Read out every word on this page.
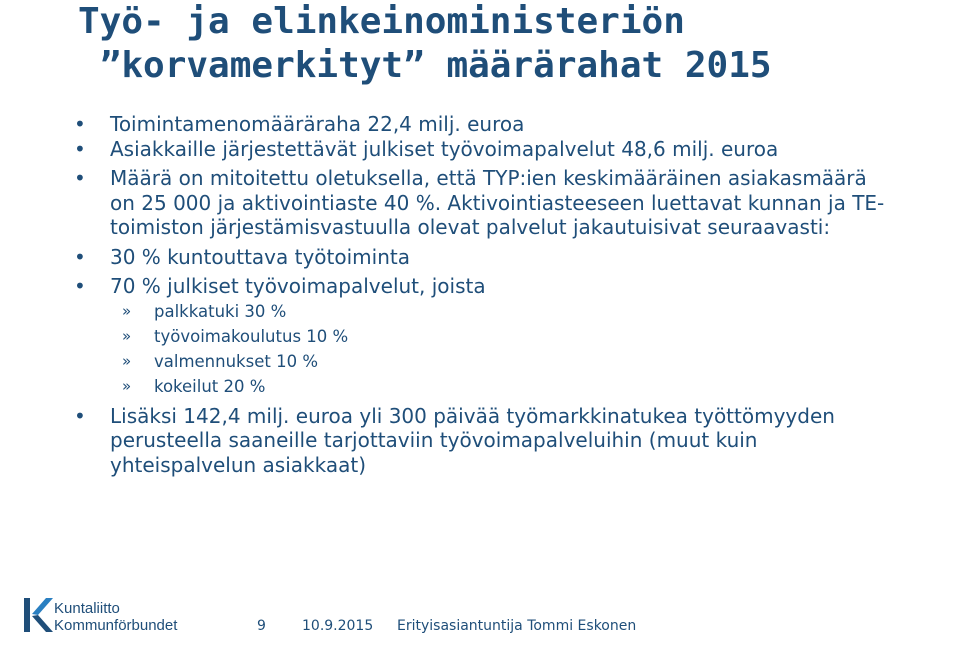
Työ- ja elinkeinoministeriön
”korvamerkityt” määrärahat 2015
• Toimintamenomääräraha 22,4 milj. euroa
• Asiakkaille järjestettävät julkiset työvoimapalvelut 48,6 milj. euroa
• Määrä on mitoitettu oletuksella, että TYP:ien keskimääräinen asiakasmäärä on 25 000 ja aktivointiaste 40 %. Aktivointiasteeseen luettavat kunnan ja TE-toimiston järjestämisvastuulla olevat palvelut jakautuisivat seuraavasti:
• 30 % kuntouttava työtoiminta
• 70 % julkiset työvoimapalvelut, joista
» palkkatuki 30 %
» työvoimakoulutus 10 %
» valmennukset 10 %
» kokeilut 20 %
• Lisäksi 142,4 milj. euroa yli 300 päivää työmarkkinatukea työttömyyden perusteella saaneille tarjottaviin työvoimapalveluihin (muut kuin yhteispalvelun asiakkaat)
Kuntaliitto
Kommunförbundet	9	10.9.2015 Erityisasiantuntija Tommi Eskonen
